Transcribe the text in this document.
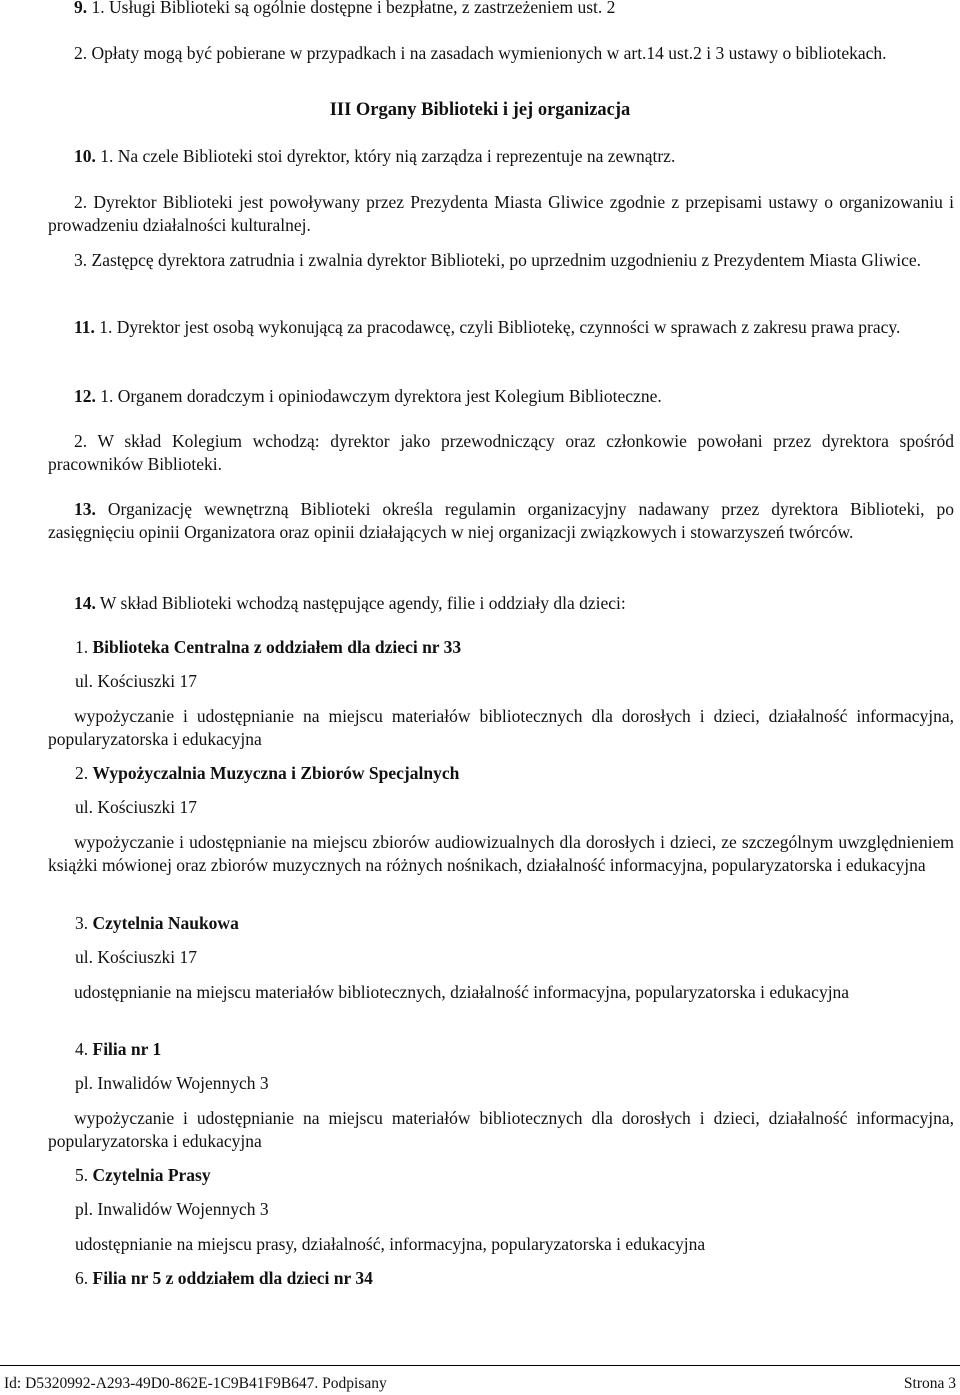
9. 1. Usługi Biblioteki są ogólnie dostępne i bezpłatne, z zastrzeżeniem ust. 2

2. Opłaty mogą być pobierane w przypadkach i na zasadach wymienionych w art.14 ust.2 i 3 ustawy o bibliotekach.

III Organy Biblioteki i jej organizacja

10. 1. Na czele Biblioteki stoi dyrektor, który nią zarządza i reprezentuje na zewnątrz.

2. Dyrektor Biblioteki jest powoływany przez Prezydenta Miasta Gliwice zgodnie z przepisami ustawy o organizowaniu i prowadzeniu działalności kulturalnej.

3. Zastępcę dyrektora zatrudnia i zwalnia dyrektor Biblioteki, po uprzednim uzgodnieniu z Prezydentem Miasta Gliwice.

11. 1. Dyrektor jest osobą wykonującą za pracodawcę, czyli Bibliotekę, czynności w sprawach z zakresu prawa pracy.

12. 1. Organem doradczym i opiniodawczym dyrektora jest Kolegium Biblioteczne.

2. W skład Kolegium wchodzą: dyrektor jako przewodniczący oraz członkowie powołani przez dyrektora spośród pracowników Biblioteki.

13. Organizację wewnętrzną Biblioteki określa regulamin organizacyjny nadawany przez dyrektora Biblioteki, po zasięgnięciu opinii Organizatora oraz opinii działających w niej organizacji związkowych i stowarzyszeń twórców.

14. W skład Biblioteki wchodzą następujące agendy, filie i oddziały dla dzieci:

1. Biblioteka Centralna z oddziałem dla dzieci nr 33

ul. Kościuszki 17

wypożyczanie i udostępnianie na miejscu materiałów bibliotecznych dla dorosłych i dzieci, działalność informacyjna, popularyzatorska i edukacyjna

2. Wypożyczalnia Muzyczna i Zbiorów Specjalnych

ul. Kościuszki 17

wypożyczanie i udostępnianie na miejscu zbiorów audiowizualnych dla dorosłych i dzieci, ze szczególnym uwzględnieniem książki mówionej oraz zbiorów muzycznych na różnych nośnikach, działalność informacyjna, popularyzatorska i edukacyjna

3. Czytelnia Naukowa

ul. Kościuszki 17

udostępnianie na miejscu materiałów bibliotecznych, działalność informacyjna, popularyzatorska i edukacyjna

4. Filia nr 1

pl. Inwalidów Wojennych 3

wypożyczanie i udostępnianie na miejscu materiałów bibliotecznych dla dorosłych i dzieci, działalność informacyjna, popularyzatorska i edukacyjna

5. Czytelnia Prasy

pl. Inwalidów Wojennych 3

udostępnianie na miejscu prasy, działalność, informacyjna, popularyzatorska i edukacyjna

6. Filia nr 5 z oddziałem dla dzieci nr 34

Id: D5320992-A293-49D0-862E-1C9B41F9B647. Podpisany	Strona 3
